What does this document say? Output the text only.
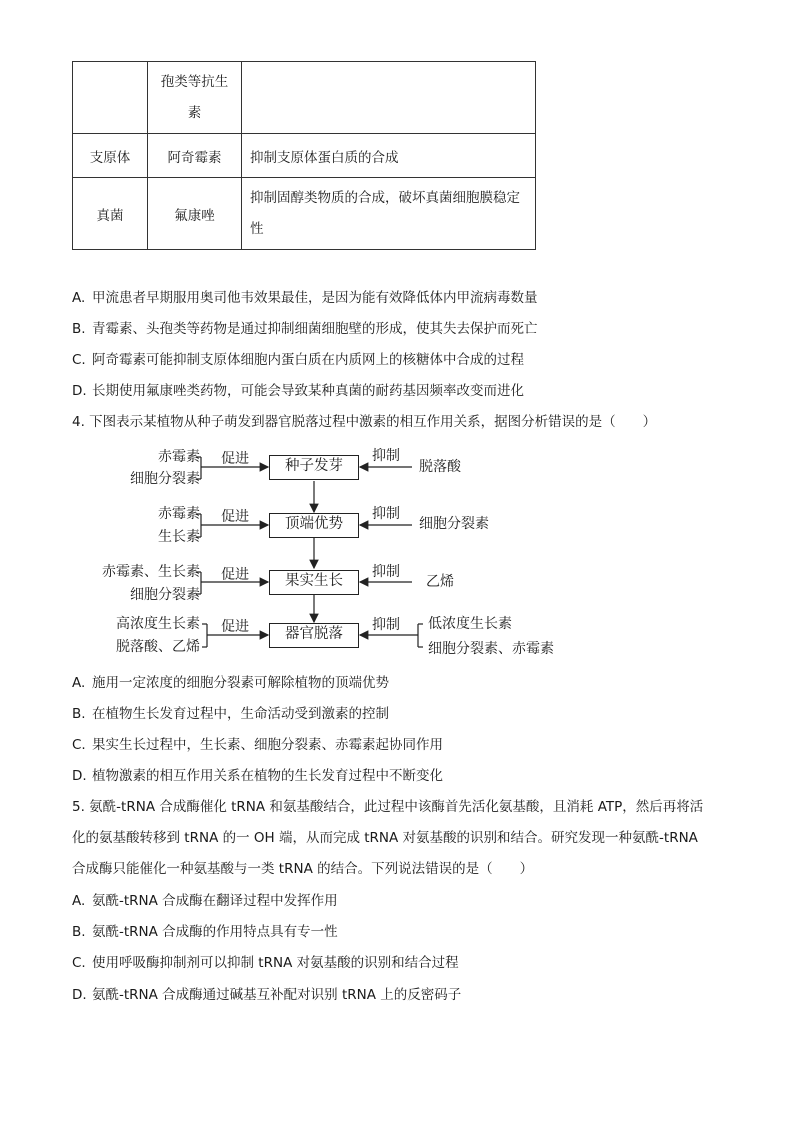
	孢类等抗生
素	

支原体	阿奇霉素	抑制支原体蛋白质的合成
真菌	氟康唑	抑制固醇类物质的合成，破坏真菌细胞膜稳定
性
A. 甲流患者早期服用奥司他韦效果最佳，是因为能有效降低体内甲流病毒数量
B. 青霉素、头孢类等药物是通过抑制细菌细胞壁的形成，使其失去保护而死亡
C. 阿奇霉素可能抑制支原体细胞内蛋白质在内质网上的核糖体中合成的过程
D. 长期使用氟康唑类药物，可能会导致某种真菌的耐药基因频率改变而进化
4. 下图表示某植物从种子萌发到器官脱落过程中激素的相互作用关系，据图分析错误的是（　　）
种子发芽
顶端优势
果实生长
器官脱落
促进	抑制
促进	抑制
促进	抑制
促进	抑制
赤霉素
细胞分裂素
赤霉素
生长素
赤霉素、生长素
细胞分裂素
高浓度生长素
脱落酸、乙烯
脱落酸
细胞分裂素
乙烯
低浓度生长素
细胞分裂素、赤霉素
A. 施用一定浓度的细胞分裂素可解除植物的顶端优势
B. 在植物生长发育过程中，生命活动受到激素的控制
C. 果实生长过程中，生长素、细胞分裂素、赤霉素起协同作用
D. 植物激素的相互作用关系在植物的生长发育过程中不断变化
5. 氨酰-tRNA 合成酶催化 tRNA 和氨基酸结合，此过程中该酶首先活化氨基酸，且消耗 ATP，然后再将活
化的氨基酸转移到 tRNA 的一 OH 端，从而完成 tRNA 对氨基酸的识别和结合。研究发现一种氨酰-tRNA
合成酶只能催化一种氨基酸与一类 tRNA 的结合。下列说法错误的是（　　）
A. 氨酰-tRNA 合成酶在翻译过程中发挥作用
B. 氨酰-tRNA 合成酶的作用特点具有专一性
C. 使用呼吸酶抑制剂可以抑制 tRNA 对氨基酸的识别和结合过程
D. 氨酰-tRNA 合成酶通过碱基互补配对识别 tRNA 上的反密码子
